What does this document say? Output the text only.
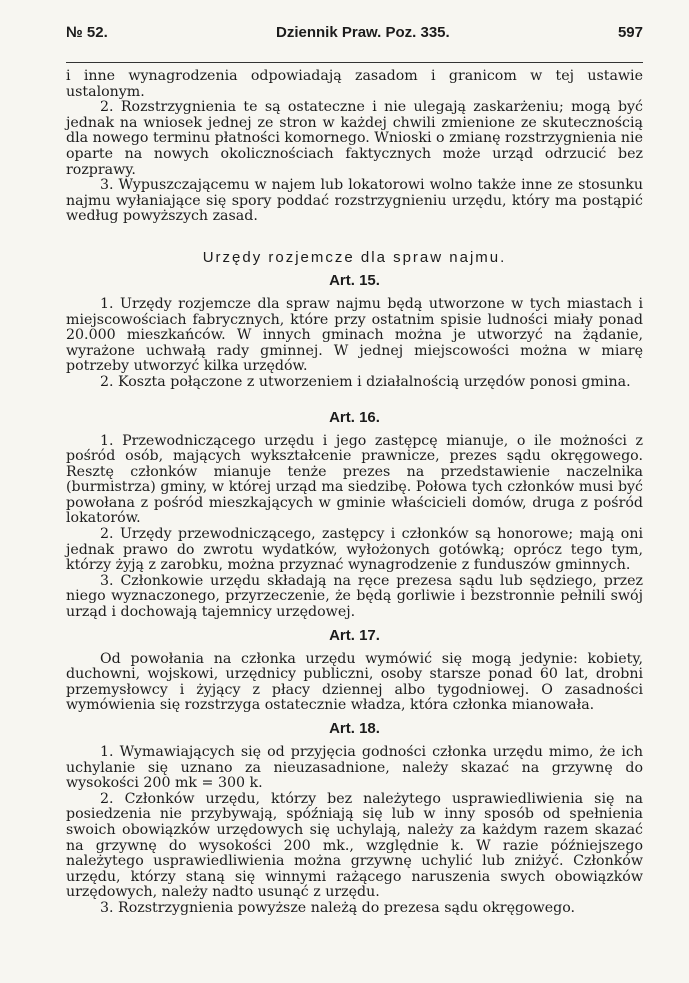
№ 52.	Dziennik Praw. Poz. 335.	597

i inne wynagrodzenia odpowiadają zasadom i granicom w tej ustawie ustalonym.

2. Rozstrzygnienia te są ostateczne i nie ulegają zaskarżeniu; mogą być jednak na wniosek jednej ze stron w każdej chwili zmienione ze skutecznością dla nowego terminu płatności komornego. Wnioski o zmianę rozstrzygnienia nie oparte na nowych okolicznościach faktycznych może urząd odrzucić bez rozprawy.

3. Wypuszczającemu w najem lub lokatorowi wolno także inne ze stosunku najmu wyłaniające się spory poddać rozstrzygnieniu urzędu, który ma postąpić według powyższych zasad.

Urzędy rozjemcze dla spraw najmu.
Art. 15.

1. Urzędy rozjemcze dla spraw najmu będą utworzone w tych miastach i miejscowościach fabrycznych, które przy ostatnim spisie ludności miały ponad 20.000 mieszkańców. W innych gminach można je utworzyć na żądanie, wyrażone uchwałą rady gminnej. W jednej miejscowości można w miarę potrzeby utworzyć kilka urzędów.

2. Koszta połączone z utworzeniem i działalnością urzędów ponosi gmina.

Art. 16.

1. Przewodniczącego urzędu i jego zastępcę mianuje, o ile możności z pośród osób, mających wykształcenie prawnicze, prezes sądu okręgowego. Resztę członków mianuje tenże prezes na przedstawienie naczelnika (burmistrza) gminy, w której urząd ma siedzibę. Połowa tych członków musi być powołana z pośród mieszkających w gminie właścicieli domów, druga z pośród lokatorów.

2. Urzędy przewodniczącego, zastępcy i członków są honorowe; mają oni jednak prawo do zwrotu wydatków, wyłożonych gotówką; oprócz tego tym, którzy żyją z zarobku, można przyznać wynagrodzenie z funduszów gminnych.

3. Członkowie urzędu składają na ręce prezesa sądu lub sędziego, przez niego wyznaczonego, przyrzeczenie, że będą gorliwie i bezstronnie pełnili swój urząd i dochowają tajemnicy urzędowej.

Art. 17.

Od powołania na członka urzędu wymówić się mogą jedynie: kobiety, duchowni, wojskowi, urzędnicy publiczni, osoby starsze ponad 60 lat, drobni przemysłowcy i żyjący z płacy dziennej albo tygodniowej. O zasadności wymówienia się rozstrzyga ostatecznie władza, która członka mianowała.

Art. 18.

1. Wymawiających się od przyjęcia godności członka urzędu mimo, że ich uchylanie się uznano za nieuzasadnione, należy skazać na grzywnę do wysokości 200 mk = 300 k.

2. Członków urzędu, którzy bez należytego usprawiedliwienia się na posiedzenia nie przybywają, spóźniają się lub w inny sposób od spełnienia swoich obowiązków urzędowych się uchylają, należy za każdym razem skazać na grzywnę do wysokości 200 mk., względnie k. W razie późniejszego należytego usprawiedliwienia można grzywnę uchylić lub zniżyć. Członków urzędu, którzy staną się winnymi rażącego naruszenia swych obowiązków urzędowych, należy nadto usunąć z urzędu.

3. Rozstrzygnienia powyższe należą do prezesa sądu okręgowego.
